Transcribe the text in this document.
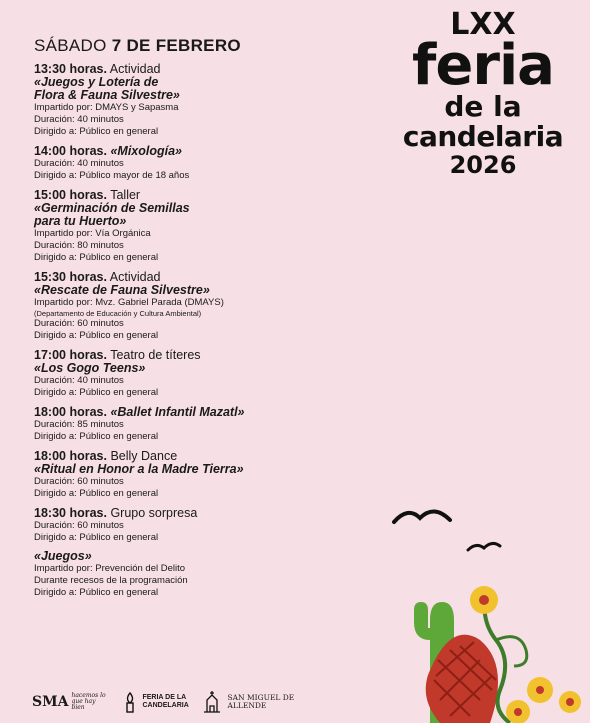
SÁBADO 7 DE FEBRERO
13:30 horas. Actividad
«Juegos y Lotería de
Flora & Fauna Silvestre»
Impartido por: DMAYS y Sapasma
Duración: 40 minutos
Dirigido a: Público en general
14:00 horas. «Mixología»
Duración: 40 minutos
Dirigido a: Público mayor de 18 años
15:00 horas. Taller
«Germinación de Semillas
para tu Huerto»
Impartido por: Vía Orgánica
Duración: 80 minutos
Dirigido a: Público en general
15:30 horas. Actividad
«Rescate de Fauna Silvestre»
Impartido por: Mvz. Gabriel Parada (DMAYS)
(Departamento de Educación y Cultura Ambiental)
Duración: 60 minutos
Dirigido a: Público en general
17:00 horas. Teatro de títeres
«Los Gogo Teens»
Duración: 40 minutos
Dirigido a: Público en general
18:00 horas. «Ballet Infantil Mazatl»
Duración: 85 minutos
Dirigido a: Público en general
18:00 horas. Belly Dance
«Ritual en Honor a la Madre Tierra»
Duración: 60 minutos
Dirigido a: Público en general
18:30 horas. Grupo sorpresa
Duración: 60 minutos
Dirigido a: Público en general
«Juegos»
Impartido por: Prevención del Delito
Durante recesos de la programación
Dirigido a: Público en general
LXX
feria
de la
candelaria
2026
SMA hacemos lo que hay bien
FERIA DE LA CANDELARIA
SAN MIGUEL DE ALLENDE
